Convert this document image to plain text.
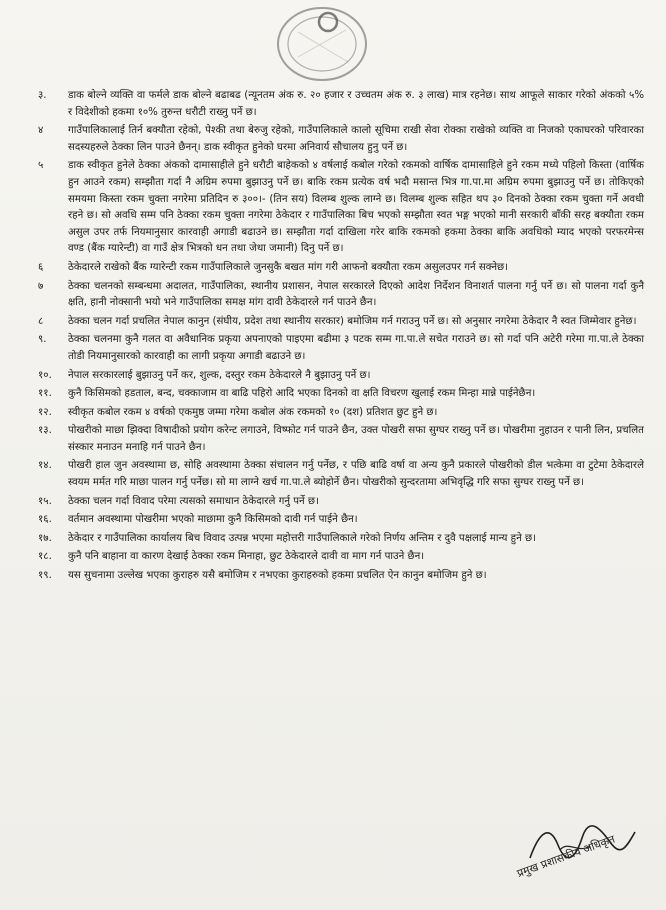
३.	डाक बोल्ने व्यक्ति वा फर्मले डाक बोल्ने बढाबढ (न्यूनतम अंक रु. २० हजार र उच्चतम अंक रु. ३ लाख) मात्र रहनेछ। साथ आफूले साकार गरेको अंकको ५% र विदेशीको हकमा १०% तुरुन्त धरौटी राख्नु पर्ने छ।
४	गाउँपालिकालाई तिर्न बक्यौता रहेको, पेश्की तथा बेरुजु रहेको, गाउँपालिकाले कालो सूचिमा राखी सेवा रोक्का राखेको व्यक्ति वा निजको एकाघरको परिवारका सदस्यहरुले ठेक्का लिन पाउने छैनन्। डाक स्वीकृत हुनेको घरमा अनिवार्य सौचालय हुनु पर्ने छ।
५	डाक स्वीकृत हुनेले ठेक्का अंकको दामासाहीले हुने धरौटी बाहेकको ४ वर्षलाई कबोल गरेको रकमको वार्षिक दामासाहिले हुने रकम मध्ये पहिलो किस्ता (वार्षिक हुन आउने रकम) सम्झौता गर्दा नै अग्रिम रुपमा बुझाउनु पर्ने छ। बाकि रकम प्रत्येक वर्ष भदौ मसान्त भित्र गा.पा.मा अग्रिम रुपमा बुझाउनु पर्ने छ। तोकिएको समयमा किस्ता रकम चुक्ता नगरेमा प्रतिदिन रु ३००।- (तिन सय) विलम्ब शुल्क लाग्ने छ। विलम्ब शुल्क सहित थप ३० दिनको ठेक्का रकम चुक्ता गर्ने अवधी रहने छ। सो अवधि सम्म पनि ठेक्का रकम चुक्ता नगरेमा ठेकेदार र गाउँपालिका बिच भएको सम्झौता स्वत भङ्ग भएको मानी सरकारी बाँकी सरह बक्यौता रकम असुल उपर तर्फ नियमानुसार कारवाही अगाडी बढाउने छ। सम्झौता गर्दा दाखिला गरेर बाकि रकमको हकमा ठेक्का बाकि अवधिको म्याद भएको परफरमेन्स वण्ड (बैंक ग्यारेन्टी) वा गाउँ क्षेत्र भित्रको धन तथा जेथा जमानी) दिनु पर्ने छ।
६	ठेकेदारले राखेको बैंक ग्यारेन्टी रकम गाउँपालिकाले जुनसुकै बखत मांग गरी आफनो बक्यौता रकम असुलउपर गर्न सक्नेछ।
७	ठेक्का चलनको सम्बन्धमा अदालत, गाउँपालिका, स्थानीय प्रशासन, नेपाल सरकारले दिएको आदेश निर्देशन विनाशर्त पालना गर्नु पर्ने छ। सो पालना गर्दा कुनै क्षति, हानी नोक्सानी भयो भने गाउँपालिका समक्ष मांग दावी ठेकेदारले गर्न पाउने छैन।
८	ठेक्का चलन गर्दा प्रचलित नेपाल कानुन (संघीय, प्रदेश तथा स्थानीय सरकार) बमोजिम गर्न गराउनु पर्ने छ। सो अनुसार नगरेमा ठेकेदार नै स्वत जिम्मेवार हुनेछ।
९.	ठेक्का चलनमा कुनै गलत वा अवैधानिक प्रकृया अपनाएको पाइएमा बढीमा ३ पटक सम्म गा.पा.ले सचेत गराउने छ। सो गर्दा पनि अटेरी गरेमा गा.पा.ले ठेक्का तोडी नियमानुसारको कारवाही का लागी प्रकृया अगाडी बढाउने छ।
१०.	नेपाल सरकारलाई बुझाउनु पर्ने कर, शुल्क, दस्तुर रकम ठेकेदारले नै बुझाउनु पर्ने छ।
११.	कुनै किसिमको हडताल, बन्द, चक्काजाम वा बाढि पहिरो आदि भएका दिनको वा क्षति विचरण खुलाई रकम मिन्हा मान्ने पाईनेछैन।
१२.	स्वीकृत कबोल रकम ४ वर्षको एकमुष्ठ जम्मा गरेमा कबोल अंक रकमको १० (दश) प्रतिशत छुट हुने छ।
१३.	पोखरीको माछा झिक्दा विषादीको प्रयोग करेन्ट लगाउने, विष्फोट गर्न पाउने छैन, उक्त पोखरी सफा सुग्घर राख्नु पर्ने छ। पोखरीमा नुहाउन र पानी लिन, प्रचलित संस्कार मनाउन मनाहि गर्न पाउने छैन।
१४.	पोखरी हाल जुन अवस्थामा छ, सोहि अवस्थामा ठेक्का संचालन गर्नु पर्नेछ, र पछि बाढि वर्षा वा अन्य कुनै प्रकारले पोखरीको डील भत्केमा वा टुटेमा ठेकेदारले स्वयम मर्मत गरि माछा पालन गर्नु पर्नेछ। सो मा लाग्ने खर्च गा.पा.ले ब्योहोर्ने छैन। पोखरीको सुन्दरतामा अभिवृद्धि गरि सफा सुग्घर राख्नु पर्ने छ।
१५.	ठेक्का चलन गर्दा विवाद परेमा त्यसको समाधान ठेकेदारले गर्नु पर्ने छ।
१६.	वर्तमान अवस्थामा पोखरीमा भएको माछामा कुनै किसिमको दावी गर्न पाईने छैन।
१७.	ठेकेदार र गाउँपालिका कार्यालय बिच विवाद उत्पन्न भएमा महोत्तरी गाउँपालिकाले गरेको निर्णय अन्तिम र दुवै पक्षलाई मान्य हुने छ।
१८.	कुनै पनि बाहाना वा कारण देखाई ठेक्का रकम मिनाहा, छुट ठेकेदारले दावी वा माग गर्न पाउने छैन।
१९.	यस सुचनामा उल्लेख भएका कुराहरु यसै बमोजिम र नभएका कुराहरुको हकमा प्रचलित ऐन कानुन बमोजिम हुने छ।
प्रमुख प्रशासकीय अधिकृत
